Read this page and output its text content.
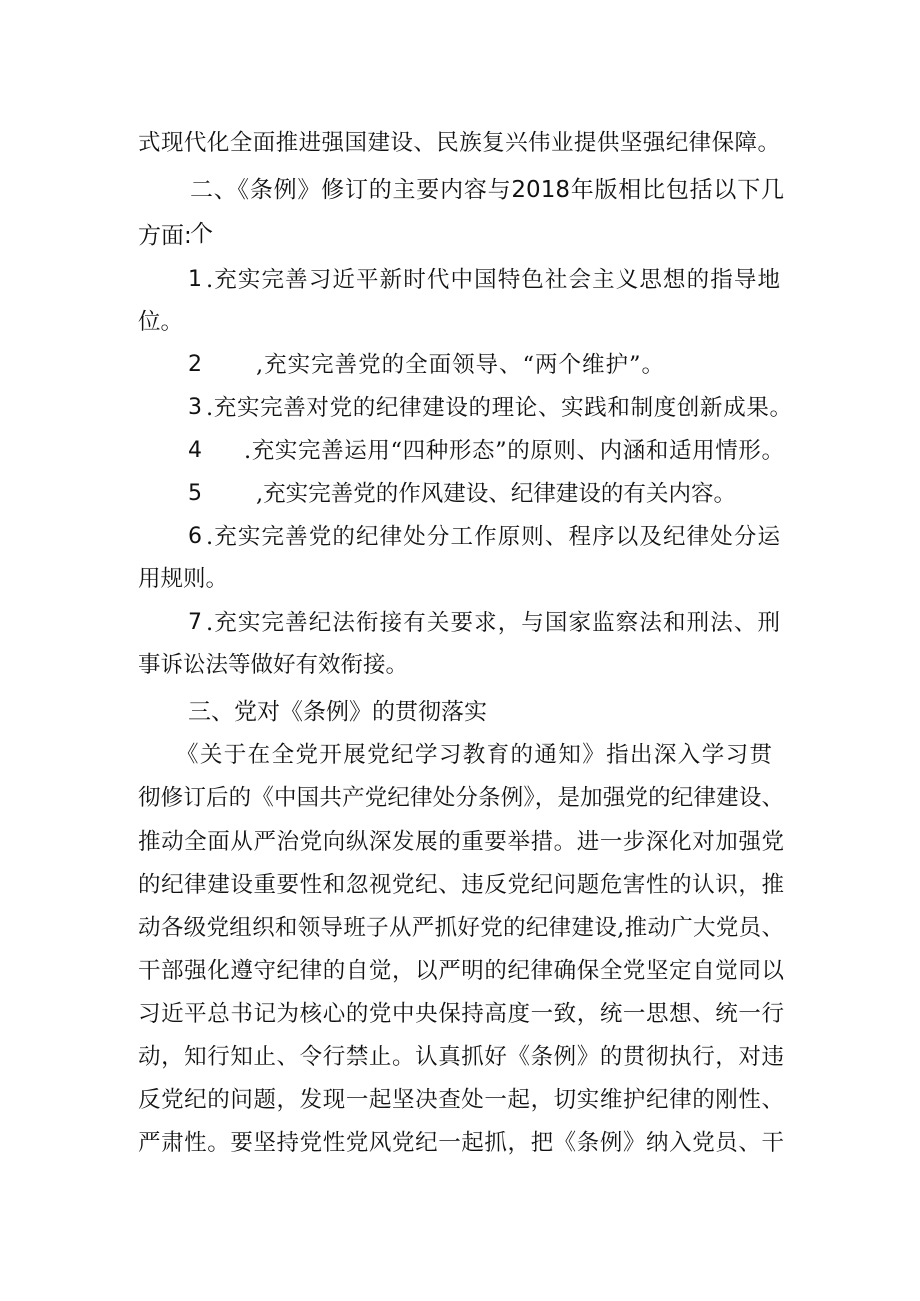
式现代化全面推进强国建设、民族复兴伟业提供坚强纪律保障。
二、《条例》修订的主要内容与2018年版相比包括以下几个
方面:
1 .充实完善习近平新时代中国特色社会主义思想的指导地
位。
2 ,充实完善党的全面领导、“两个维护”。
3 .充实完善对党的纪律建设的理论、实践和制度创新成果。
4 .充实完善运用“四种形态”的原则、内涵和适用情形。
5 ,充实完善党的作风建设、纪律建设的有关内容。
6 .充实完善党的纪律处分工作原则、程序以及纪律处分运
用规则。
7 .充实完善纪法衔接有关要求，与国家监察法和刑法、刑
事诉讼法等做好有效衔接。
三、党对《条例》的贯彻落实
《关于在全党开展党纪学习教育的通知》指出深入学习贯
彻修订后的《中国共产党纪律处分条例》，是加强党的纪律建设、
推动全面从严治党向纵深发展的重要举措。进一步深化对加强党
的纪律建设重要性和忽视党纪、违反党纪问题危害性的认识，推
动各级党组织和领导班子从严抓好党的纪律建设,推动广大党员、
干部强化遵守纪律的自觉，以严明的纪律确保全党坚定自觉同以
习近平总书记为核心的党中央保持高度一致，统一思想、统一行
动，知行知止、令行禁止。认真抓好《条例》的贯彻执行，对违
反党纪的问题，发现一起坚决查处一起，切实维护纪律的刚性、
严肃性。要坚持党性党风党纪一起抓，把《条例》纳入党员、干
